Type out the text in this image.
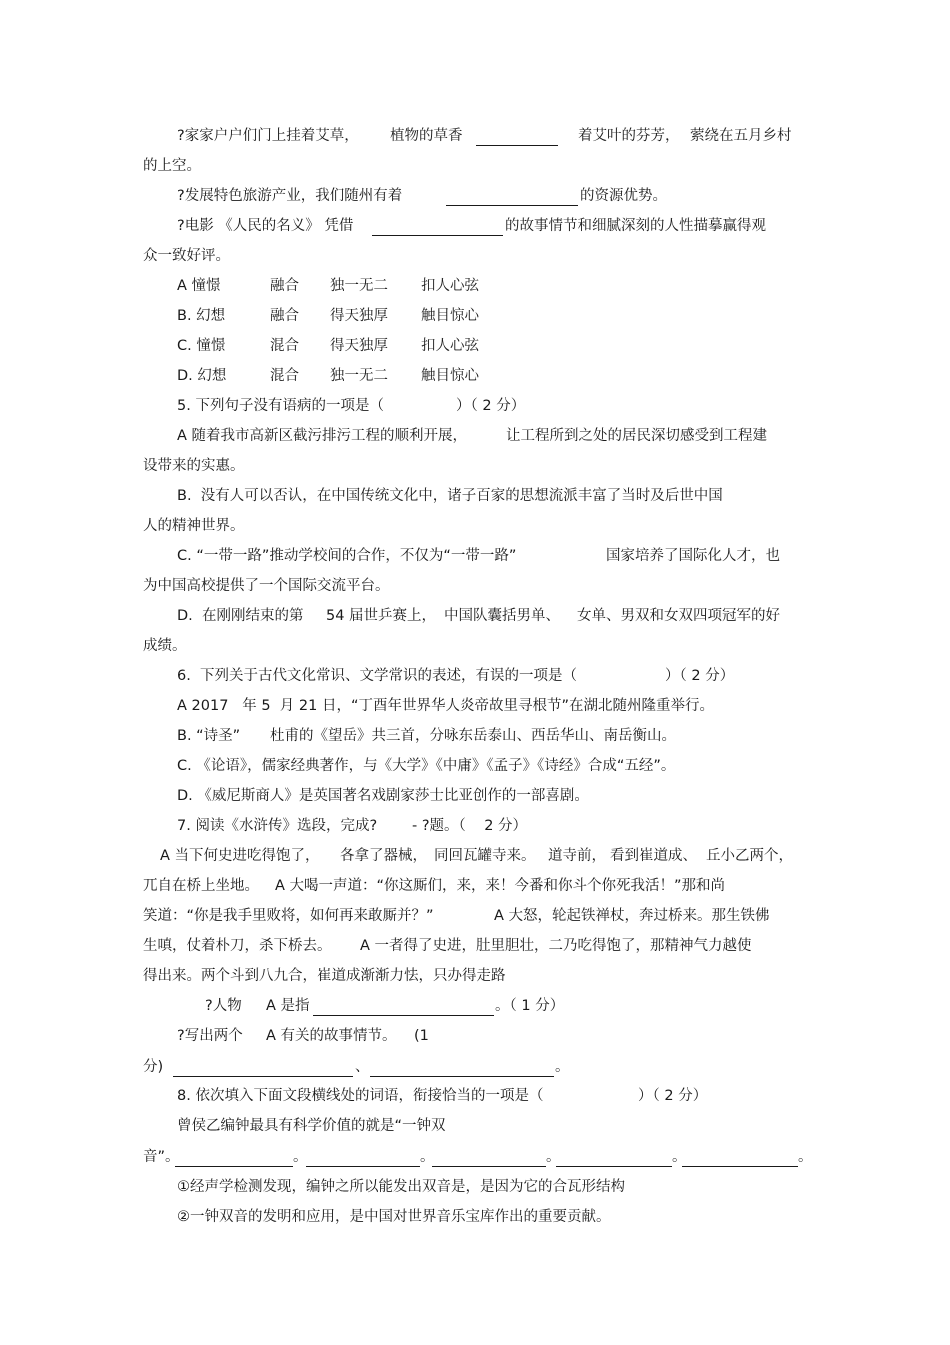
?家家户户们门上挂着艾草， 植物的草香	着艾叶的芬芳， 萦绕在五月乡村
的上空。
?发展特色旅游产业，我们随州有着	的资源优势。
?电影 《人民的名义》 凭借	的故事情节和细腻深刻的人性描摹赢得观
众一致好评。
A 憧憬	融合 独一无二 扣人心弦
B. 幻想	融合 得天独厚 触目惊心
C. 憧憬	混合 得天独厚 扣人心弦
D. 幻想	混合 独一无二 触目惊心
5. 下列句子没有语病的一项是（	）（ 2 分）
A 随着我市高新区截污排污工程的顺利开展，	让工程所到之处的居民深切感受到工程建
设带来的实惠。
B.  没有人可以否认，在中国传统文化中，诸子百家的思想流派丰富了当时及后世中国
人的精神世界。
C. “一带一路”推动学校间的合作，不仅为“一带一路”	国家培养了国际化人才，也
为中国高校提供了一个国际交流平台。
D.  在刚刚结束的第 54 届世乒赛上， 中国队囊括男单、 女单、男双和女双四项冠军的好
成绩。
6.  下列关于古代文化常识、文学常识的表述，有误的一项是（	）（ 2 分）
A 2017   年 5  月 21 日，“丁酉年世界华人炎帝故里寻根节”在湖北随州隆重举行。
B. “诗圣” 杜甫的《望岳》共三首，分咏东岳泰山、西岳华山、南岳衡山。
C. 《论语》，儒家经典著作，与《大学》《中庸》《孟子》《诗经》合成“五经”。
D. 《威尼斯商人》是英国著名戏剧家莎士比亚创作的一部喜剧。
7. 阅读《水浒传》选段，完成? - ?题。（    2 分）
A 当下何史进吃得饱了， 各拿了器械， 同回瓦罐寺来。 道寺前， 看到崔道成、 丘小乙两个，
兀自在桥上坐地。 A 大喝一声道：“你这厮们，来，来！今番和你斗个你死我活！”那和尚
笑道：“你是我手里败将，如何再来敢厮并？”	A 大怒，轮起铁禅杖，奔过桥来。那生铁佛
生嗔，仗着朴刀，杀下桥去。 A 一者得了史进，肚里胆壮，二乃吃得饱了，那精神气力越使
得出来。两个斗到八九合，崔道成渐渐力怯，只办得走路
?人物 A 是指	。（ 1 分）
?写出两个 A 有关的故事情节。 (1
分)	、	。
8. 依次填入下面文段横线处的词语，衔接恰当的一项是（	）（ 2 分）
曾侯乙编钟最具有科学价值的就是“一钟双
音”。	。	。	。	。	。
①经声学检测发现，编钟之所以能发出双音是，是因为它的合瓦形结构
②一钟双音的发明和应用，是中国对世界音乐宝库作出的重要贡献。
